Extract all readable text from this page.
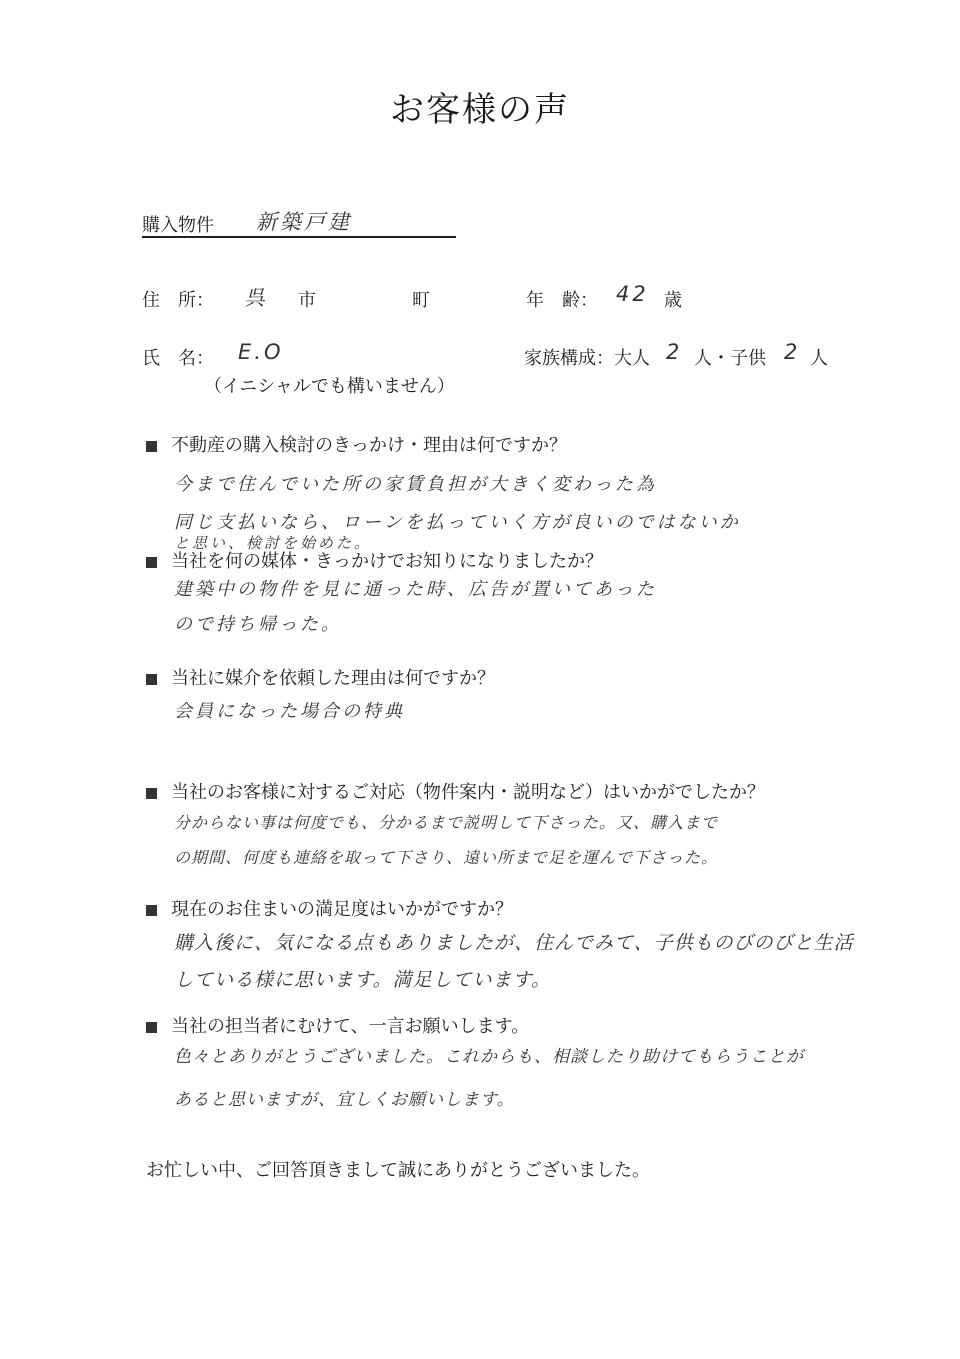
お客様の声
購入物件 新築戸建
住　所： 呉 市	町	年　齢： 42 歳
氏　名： E.O
（イニシャルでも構いません）
家族構成：大人 2 人・子供 2 人
不動産の購入検討のきっかけ・理由は何ですか？
今まで住んでいた所の家賃負担が大きく変わった為
同じ支払いなら、ローンを払っていく方が良いのではないか
と思い、検討を始めた。
当社を何の媒体・きっかけでお知りになりましたか？
建築中の物件を見に通った時、広告が置いてあった
ので持ち帰った。
当社に媒介を依頼した理由は何ですか？
会員になった場合の特典
当社のお客様に対するご対応（物件案内・説明など）はいかがでしたか？
分からない事は何度でも、分かるまで説明して下さった。又、購入まで
の期間、何度も連絡を取って下さり、遠い所まで足を運んで下さった。
現在のお住まいの満足度はいかがですか？
購入後に、気になる点もありましたが、住んでみて、子供ものびのびと生活
している様に思います。満足しています。
当社の担当者にむけて、一言お願いします。
色々とありがとうございました。これからも、相談したり助けてもらうことが
あると思いますが、宜しくお願いします。
お忙しい中、ご回答頂きまして誠にありがとうございました。
